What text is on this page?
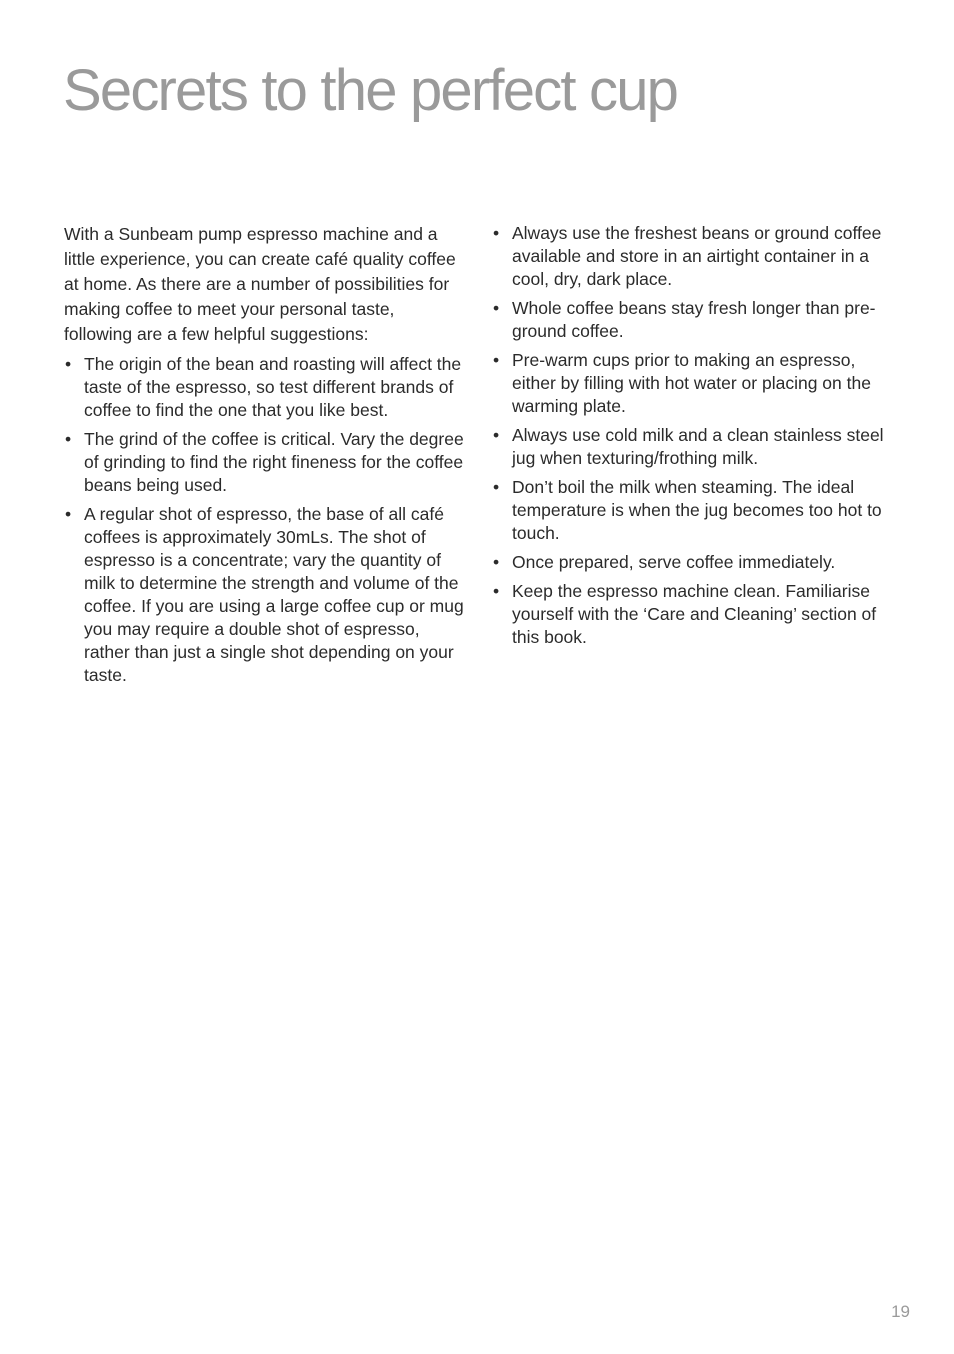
Secrets to the perfect cup

With a Sunbeam pump espresso machine and a little experience, you can create café quality coffee at home. As there are a number of possibilities for making coffee to meet your personal taste, following are a few helpful suggestions:

• The origin of the bean and roasting will affect the taste of the espresso, so test different brands of coffee to find the one that you like best.
• The grind of the coffee is critical. Vary the degree of grinding to find the right fineness for the coffee beans being used.
• A regular shot of espresso, the base of all café coffees is approximately 30mLs. The shot of espresso is a concentrate; vary the quantity of milk to determine the strength and volume of the coffee. If you are using a large coffee cup or mug you may require a double shot of espresso, rather than just a single shot depending on your taste.
• Always use the freshest beans or ground coffee available and store in an airtight container in a cool, dry, dark place.
• Whole coffee beans stay fresh longer than pre-ground coffee.
• Pre-warm cups prior to making an espresso, either by filling with hot water or placing on the warming plate.
• Always use cold milk and a clean stainless steel jug when texturing/frothing milk.
• Don’t boil the milk when steaming. The ideal temperature is when the jug becomes too hot to touch.
• Once prepared, serve coffee immediately.
• Keep the espresso machine clean. Familiarise yourself with the ‘Care and Cleaning’ section of this book.
19
